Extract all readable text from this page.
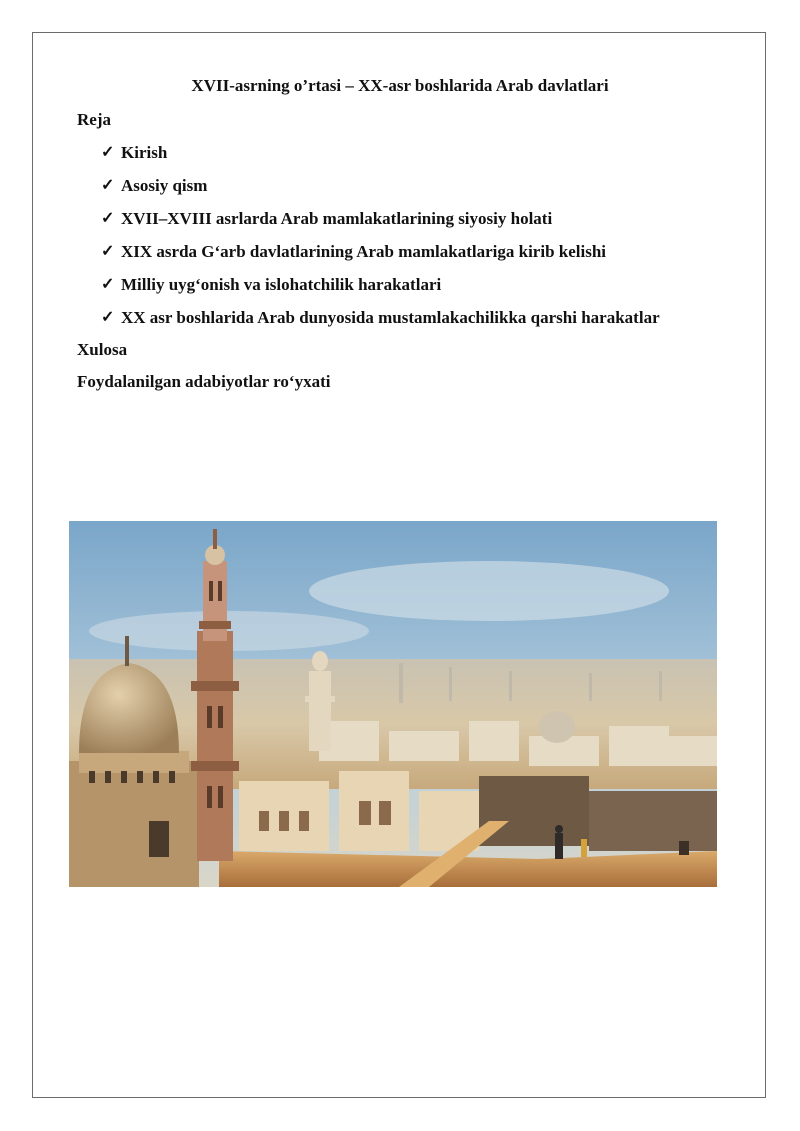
XVII-asrning o’rtasi – XX-asr boshlarida Arab davlatlari
Reja
✓ Kirish
✓ Asosiy qism
✓ XVII–XVIII asrlarda Arab mamlakatlarining siyosiy holati
✓ XIX asrda G‘arb davlatlarining Arab mamlakatlariga kirib kelishi
✓ Milliy uyg‘onish va islohatchilik harakatlari
✓ XX asr boshlarida Arab dunyosida mustamlakachilikka qarshi harakatlar
Xulosa
Foydalanilgan adabiyotlar ro‘yxati
